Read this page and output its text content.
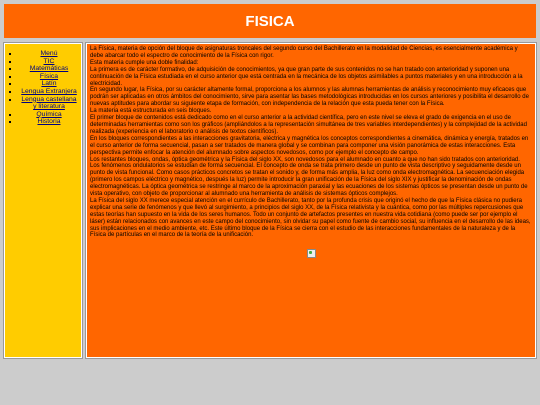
FISICA
▪ Menú
▪ TIC
▪ Matemáticas
▪ Física
▪ Latín
▪ Lengua Extranjera
▪ Lengua castellana y literatura
▪ Química
▪ Historia

La Física, materia de opción del bloque de asignaturas troncales del segundo curso del Bachillerato en la modalidad de Ciencias, es esencialmente académica y debe abarcar todo el espectro de conocimiento de la Física con rigor.

Esta materia cumple una doble finalidad:

La primera es de carácter formativo, de adquisición de conocimientos, ya que gran parte de sus contenidos no se han tratado con anterioridad y suponen una continuación de la Física estudiada en el curso anterior que está centrada en la mecánica de los objetos asimilables a puntos materiales y en una introducción a la electricidad.

En segundo lugar, la Física, por su carácter altamente formal, proporciona a los alumnos y las alumnas herramientas de análisis y reconocimiento muy eficaces que podrán ser aplicadas en otros ámbitos del conocimiento, sirve para asentar las bases metodológicas introducidas en los cursos anteriores y posibilita el desarrollo de nuevas aptitudes para abordar su siguiente etapa de formación, con independencia de la relación que esta pueda tener con la Física.

La materia está estructurada en seis bloques.

El primer bloque de contenidos está dedicado como en el curso anterior a la actividad científica, pero en este nivel se eleva el grado de exigencia en el uso de determinadas herramientas como son los gráficos (ampliándolos a la representación simultánea de tres variables interdependientes) y la complejidad de la actividad realizada (experiencia en el laboratorio o análisis de textos científicos).

En los bloques correspondientes a las interacciones gravitatoria, eléctrica y magnética los conceptos correspondientes a cinemática, dinámica y energía, tratados en el curso anterior de forma secuencial, pasan a ser tratados de manera global y se combinan para componer una visión panorámica de estas interacciones. Esta perspectiva permite enfocar la atención del alumnado sobre aspectos novedosos, como por ejemplo el concepto de campo.

Los restantes bloques, ondas, óptica geométrica y la Física del siglo XX, son novedosos para el alumnado en cuanto a que no han sido tratados con anterioridad.

Los fenómenos ondulatorios se estudian de forma secuencial. El concepto de onda se trata primero desde un punto de vista descriptivo y seguidamente desde un punto de vista funcional. Como casos prácticos concretos se tratan el sonido y, de forma más amplia, la luz como onda electromagnética. La secuenciación elegida (primero los campos eléctrico y magnético, después la luz) permite introducir la gran unificación de la Física del siglo XIX y justificar la denominación de ondas electromagnéticas. La óptica geométrica se restringe al marco de la aproximación paraxial y las ecuaciones de los sistemas ópticos se presentan desde un punto de vista operativo, con objeto de proporcionar al alumnado una herramienta de análisis de sistemas ópticos complejos.

La Física del siglo XX merece especial atención en el currículo de Bachillerato, tanto por la profunda crisis que originó el hecho de que la Física clásica no pudiera explicar una serie de fenómenos y que llevó al surgimiento, a principios del siglo XX, de la Física relativista y la cuántica, como por las múltiples repercusiones que estas teorías han supuesto en la vida de los seres humanos. Todo un conjunto de artefactos presentes en nuestra vida cotidiana (como puede ser por ejemplo el láser) están relacionados con avances en este campo del conocimiento, sin olvidar su papel como fuente de cambio social, su influencia en el desarrollo de las ideas, sus implicaciones en el medio ambiente, etc. Este último bloque de la Física se cierra con el estudio de las interacciones fundamentales de la naturaleza y de la Física de partículas en el marco de la teoría de la unificación.
